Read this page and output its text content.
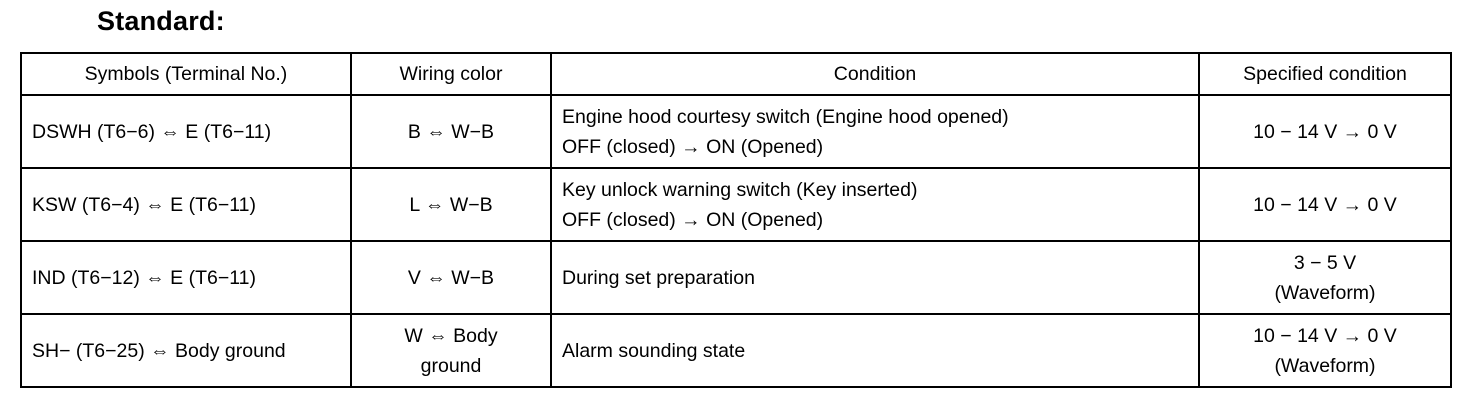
Standard:
Symbols (Terminal No.)	Wiring color	Condition	Specified condition
DSWH (T6−6) ⇔ E (T6−11)	B ⇔ W−B	Engine hood courtesy switch (Engine hood opened)
OFF (closed) → ON (Opened)	10 − 14 V → 0 V

KSW (T6−4) ⇔ E (T6−11)	L ⇔ W−B	Key unlock warning switch (Key inserted)
OFF (closed) → ON (Opened)	10 − 14 V → 0 V

IND (T6−12) ⇔ E (T6−11)	V ⇔ W−B	During set preparation	3 − 5 V
(Waveform)

SH− (T6−25) ⇔ Body ground	W ⇔ Body
ground	Alarm sounding state	10 − 14 V → 0 V
(Waveform)
